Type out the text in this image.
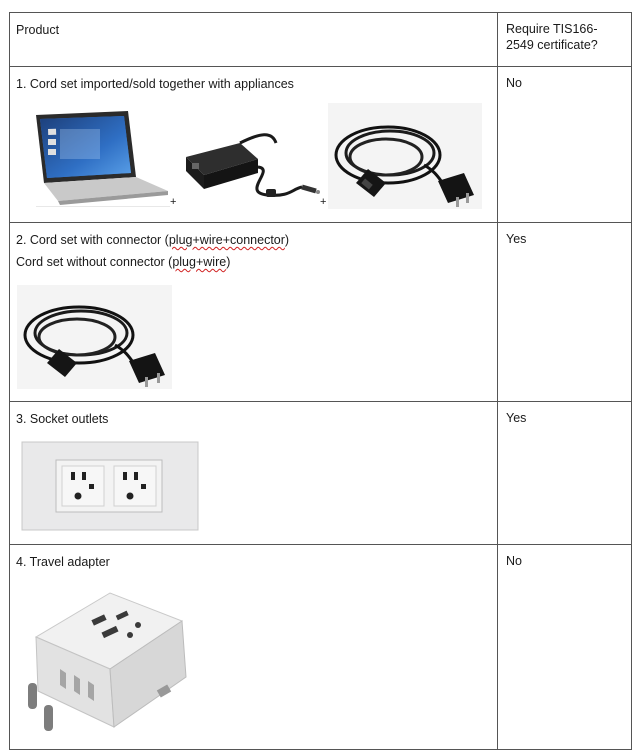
Product	Require TIS166-2549 certificate?

1. Cord set imported/sold together with appliances
+ +	No

2. Cord set with connector (plug+wire+connector)
Cord set without connector (plug+wire)	Yes

3. Socket outlets	Yes

4. Travel adapter	No
